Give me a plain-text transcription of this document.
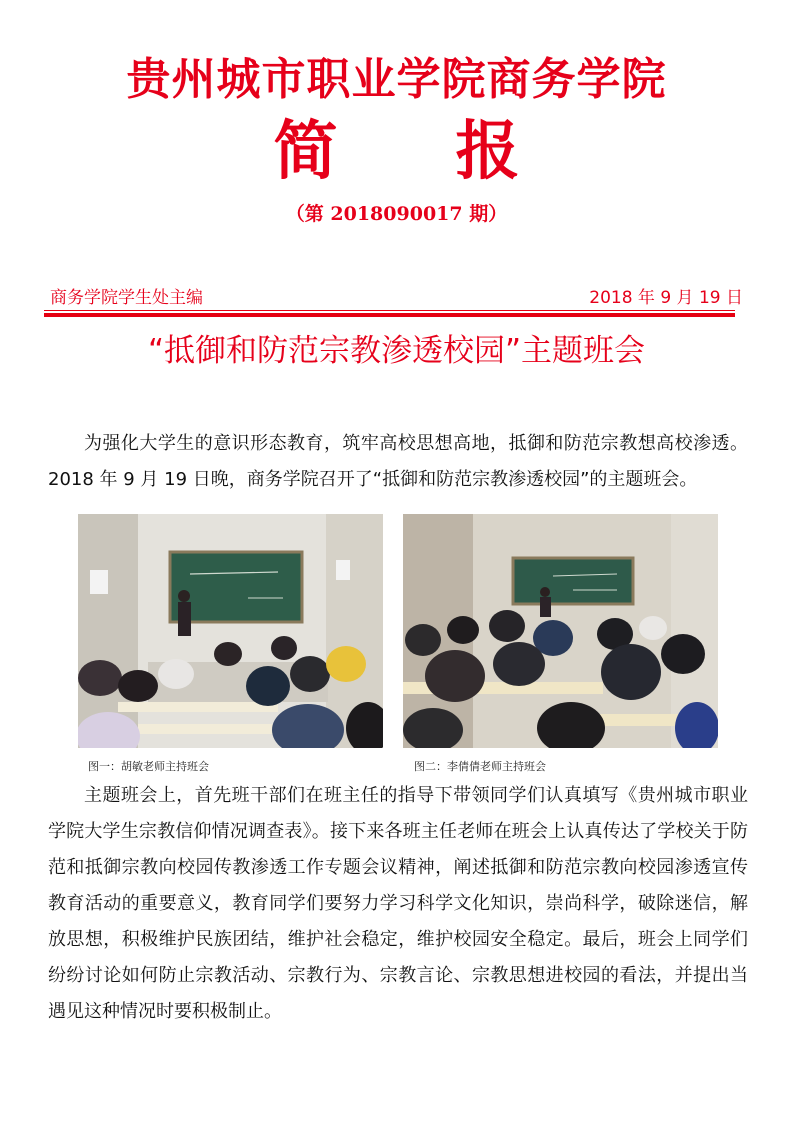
贵州城市职业学院商务学院
简 报
（第 2018090017 期）
商务学院学生处主编	2018 年 9 月 19 日
“抵御和防范宗教渗透校园”主题班会

为强化大学生的意识形态教育，筑牢高校思想高地，抵御和防范宗教想高校渗透。2018 年 9 月 19 日晚，商务学院召开了“抵御和防范宗教渗透校园”的主题班会。

图一：胡敏老师主持班会	图二：李倩倩老师主持班会

主题班会上，首先班干部们在班主任的指导下带领同学们认真填写《贵州城市职业学院大学生宗教信仰情况调查表》。接下来各班主任老师在班会上认真传达了学校关于防范和抵御宗教向校园传教渗透工作专题会议精神，阐述抵御和防范宗教向校园渗透宣传教育活动的重要意义，教育同学们要努力学习科学文化知识，崇尚科学，破除迷信，解放思想，积极维护民族团结，维护社会稳定，维护校园安全稳定。最后，班会上同学们纷纷讨论如何防止宗教活动、宗教行为、宗教言论、宗教思想进校园的看法，并提出当遇见这种情况时要积极制止。
